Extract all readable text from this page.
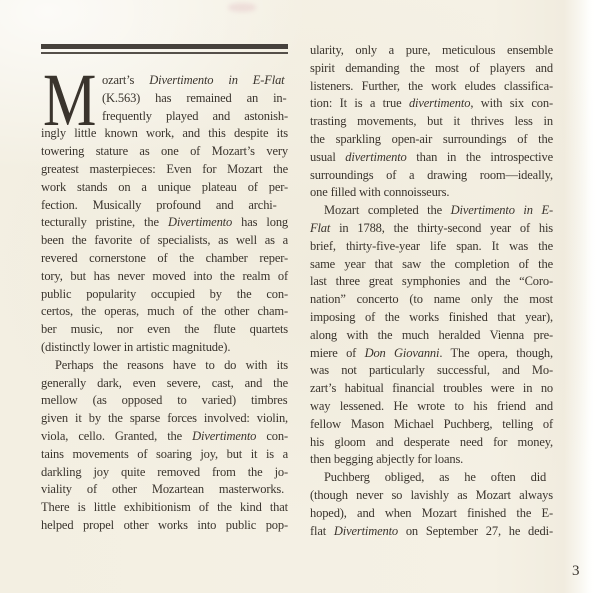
M ozart’s Divertimento in E-Flat
(K.563) has remained an in-
frequently played and astonish-
ingly little known work, and this despite its
towering stature as one of Mozart’s very
greatest masterpieces: Even for Mozart the
work stands on a unique plateau of per-
fection. Musically profound and archi-
tecturally pristine, the Divertimento has long
been the favorite of specialists, as well as a
revered cornerstone of the chamber reper-
tory, but has never moved into the realm of
public popularity occupied by the con-
certos, the operas, much of the other cham-
ber music, nor even the flute quartets
(distinctly lower in artistic magnitude).
Perhaps the reasons have to do with its
generally dark, even severe, cast, and the
mellow (as opposed to varied) timbres
given it by the sparse forces involved: violin,
viola, cello. Granted, the Divertimento con-
tains movements of soaring joy, but it is a
darkling joy quite removed from the jo-
viality of other Mozartean masterworks.
There is little exhibitionism of the kind that
helped propel other works into public pop-
ularity, only a pure, meticulous ensemble
spirit demanding the most of players and
listeners. Further, the work eludes classifica-
tion: It is a true divertimento, with six con-
trasting movements, but it thrives less in
the sparkling open-air surroundings of the
usual divertimento than in the introspective
surroundings of a drawing room—ideally,
one filled with connoisseurs.
Mozart completed the Divertimento in E-
Flat in 1788, the thirty-second year of his
brief, thirty-five-year life span. It was the
same year that saw the completion of the
last three great symphonies and the “Coro-
nation” concerto (to name only the most
imposing of the works finished that year),
along with the much heralded Vienna pre-
miere of Don Giovanni. The opera, though,
was not particularly successful, and Mo-
zart’s habitual financial troubles were in no
way lessened. He wrote to his friend and
fellow Mason Michael Puchberg, telling of
his gloom and desperate need for money,
then begging abjectly for loans.
Puchberg obliged, as he often did
(though never so lavishly as Mozart always
hoped), and when Mozart finished the E-
flat Divertimento on September 27, he dedi-
3
